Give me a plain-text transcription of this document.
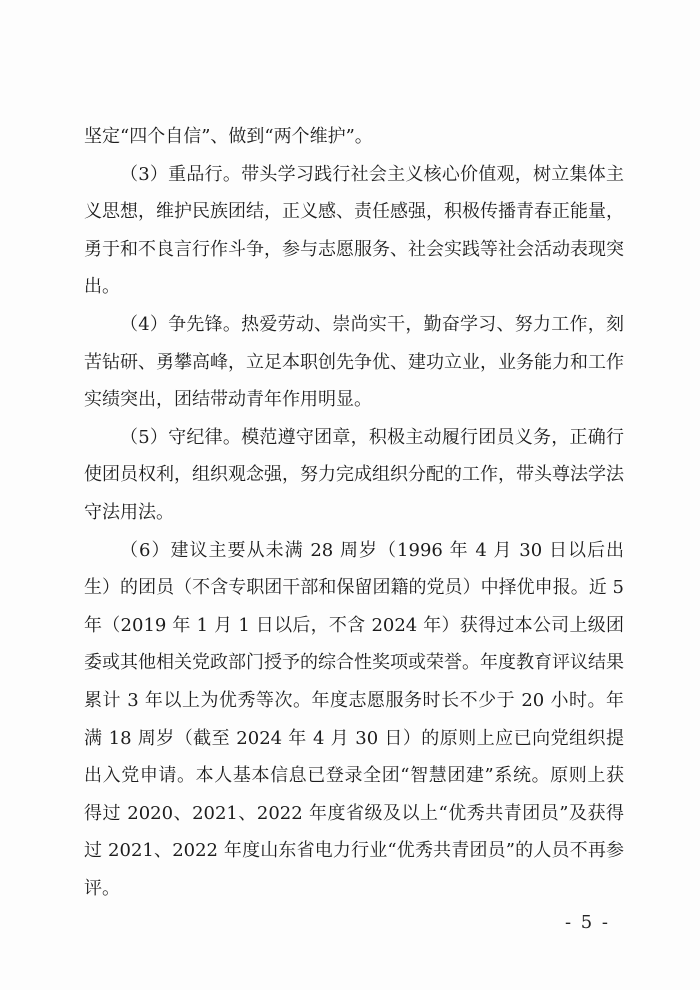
坚定“四个自信”、做到“两个维护”。

（3）重品行。带头学习践行社会主义核心价值观，树立集体主义思想，维护民族团结，正义感、责任感强，积极传播青春正能量，勇于和不良言行作斗争，参与志愿服务、社会实践等社会活动表现突出。

（4）争先锋。热爱劳动、崇尚实干，勤奋学习、努力工作，刻苦钻研、勇攀高峰，立足本职创先争优、建功立业，业务能力和工作实绩突出，团结带动青年作用明显。

（5）守纪律。模范遵守团章，积极主动履行团员义务，正确行使团员权利，组织观念强，努力完成组织分配的工作，带头尊法学法守法用法。

（6）建议主要从未满 28 周岁（1996 年 4 月 30 日以后出生）的团员（不含专职团干部和保留团籍的党员）中择优申报。近 5 年（2019 年 1 月 1 日以后，不含 2024 年）获得过本公司上级团委或其他相关党政部门授予的综合性奖项或荣誉。年度教育评议结果累计 3 年以上为优秀等次。年度志愿服务时长不少于 20 小时。年满 18 周岁（截至 2024 年 4 月 30 日）的原则上应已向党组织提出入党申请。本人基本信息已登录全团“智慧团建”系统。原则上获得过 2020、2021、2022 年度省级及以上“优秀共青团员”及获得过 2021、2022 年度山东省电力行业“优秀共青团员”的人员不再参评。

- 5 -
